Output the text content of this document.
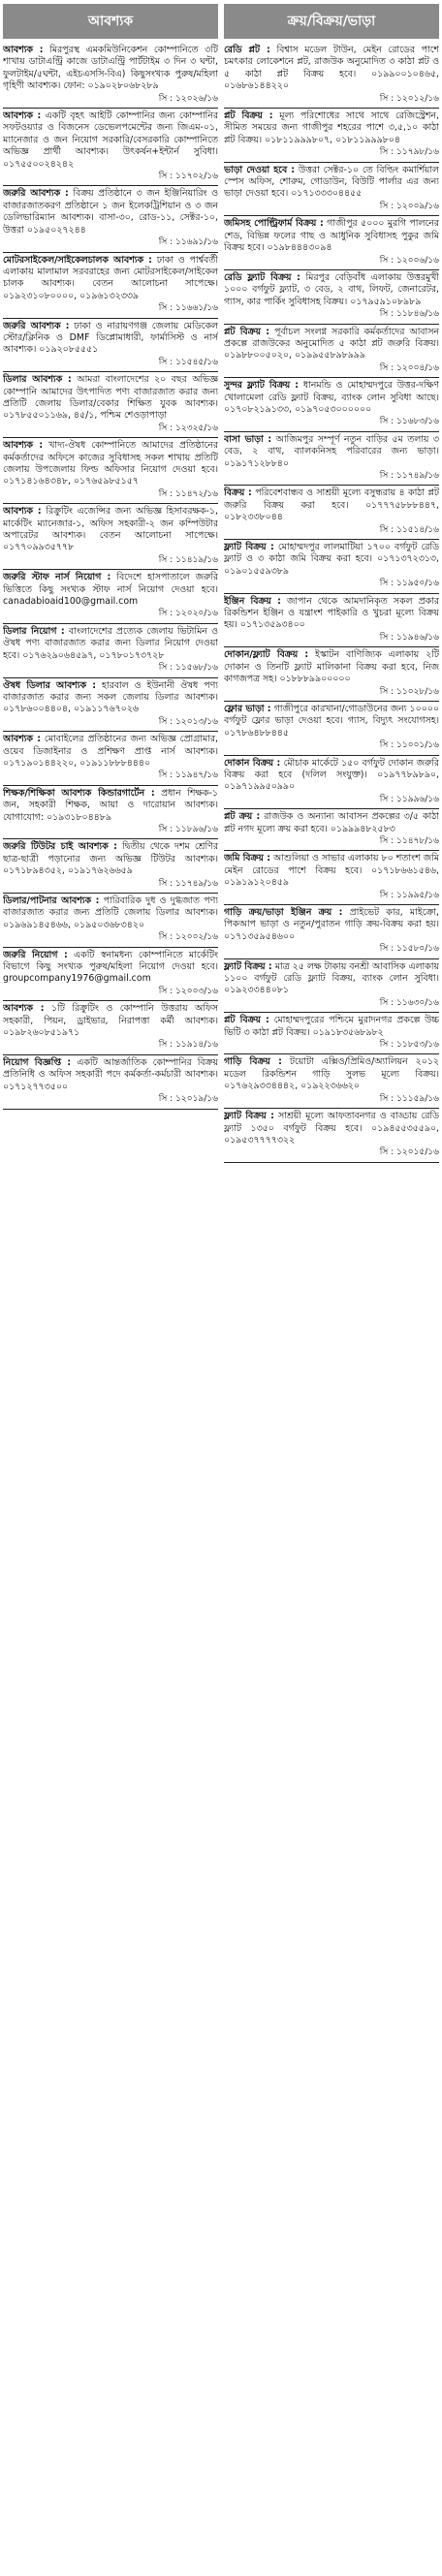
আবশ্যক
আবশ্যক : মিরপুরস্থ এমকমিউনিকেশন কোম্পানিতে ৩টি শাখায় ডাটাএন্ট্রি কাজে ডাটাএন্ট্রি পার্টটাইম ৩ দিন ৩ ঘন্টা, ফুলটাইম/৫ঘন্টা, এইচএসসি-বিএ) কিছুসংখ্যক পুরুষ/মহিলা গৃহিণী আবশ্যক। ফোন: ০১৯০২৮০৬৮২৮৯
সি : ১২০২৬/১৬
আবশ্যক : একটি বৃহৎ আইটি কোম্পানির জন্য কোম্পানির সফটওয়্যার ও বিজনেস ডেভেলপমেন্টের জন্য জিএম-০১, ম্যানেজার ও জন নিয়োগ সরকারি/বেসরকারি কোম্পানিতে অভিজ্ঞ প্রার্থী আবশ্যক। উৎকর্ষন+ইন্টার্ন সুবিধা। ০১৭৫৫০০২৪২৪২
সি : ১১৭০২/১৬
জরুরি আবশ্যক : বিক্রয় প্রতিষ্ঠানে ৩ জন ইঞ্জিনিয়ারিং ও বাজারজাতকরণ প্রতিষ্ঠানে ১ জন ইলেকট্রিশিয়ান ও ৩ জন ডেলিভারিম্যান আবশ্যক। বাসা-৩০, রোড-১১, সেক্টর-১০, উত্তরা ০১৯৫০২৭২৪৪
সি : ১১৬৯১/১৬
মোটরসাইকেল/সাইকেলচালক আবশ্যক : ঢাকা ও পার্শ্ববর্তী এলাকায় মালামাল সরবরাহের জন্য মোটরসাইকেল/সাইকেল চালক আবশ্যক। বেতন আলোচনা সাপেক্ষে। ০১৯২৩১০৮০০০০, ০১৯৬১৩২৩৩৯
সি : ১১৬৬১/১৬
জরুরি আবশ্যক : ঢাকা ও নারায়ণগঞ্জ জেলায় মেডিকেল স্টোর/ক্লিনিক ও DMF ডিপ্লোমাধারী, ফার্মাসিস্ট ও নার্স আবশ্যক। ০১৯২০৮৫৫৫১
সি : ১১৫৪৫/১৬
ডিলার আবশ্যক : আমরা বাংলাদেশের ২০ বছর অভিজ্ঞ কোম্পানি আমাদের উৎপাদিত পণ্য বাজারজাত করার জন্য প্রতিটি জেলায় ডিলার/বেকার শিক্ষিত যুবক আবশ্যক। ০১৭৮৫৫০১১৬৯, ৪৫/১, পশ্চিম শেওড়াপাড়া
সি : ১২৩২৫/১৬
আবশ্যক : খাদ্য-ঔষধ কোম্পানিতে আমাদের প্রতিষ্ঠানের কর্মকর্তাদের অফিসে কাজের সুবিধাসহ সকল শাখায় প্রতিটি জেলায় উপজেলায় ফিল্ড অফিসার নিয়োগ দেওয়া হবে। ০১৭১৪১৬৪৩৪৮, ০১৭৬৫৯৮৫১৫৭
সি : ১১৪৭২/১৬
আবশ্যক : রিক্রুটিং এজেন্সির জন্য অভিজ্ঞ হিসাবরক্ষক-১, মার্কেটিং ম্যানেজার-১, অফিস সহকারী-২ জন কম্পিউটার অপারেটর আবশ্যক। বেতন আলোচনা সাপেক্ষে। ০১৭৭০৯৯৩৫৭৭৮
সি : ১১৪১৯/১৬
জরুরি স্টাফ নার্স নিয়োগ : বিদেশে হাসপাতালে জরুরি ভিত্তিতে কিছু সংখ্যক স্টাফ নার্স নিয়োগ দেওয়া হবে। canadabioaid100@gmail.com
সি : ১২০২০/১৬
ডিলার নিয়োগ : বাংলাদেশের প্রত্যেক জেলায় ভিটামিন ও ঔষধ পণ্য বাজারজাত করার জন্য ডিলার নিয়োগ দেওয়া হবে। ০১৭৬২৯০৬৪৫৯৭, ০১৭৮০১৭৩৭২৮
সি : ১১৫৬৮/১৬
ঔষধ ডিলার আবশ্যক : হারবাল ও ইউনানী ঔষধ পণ্য বাজারজাত করার জন্য সকল জেলায় ডিলার আবশ্যক। ০১৭৮৬০০৪৪০৪, ০১৯১১৭৬৭০২৬
সি : ১২০১৩/১৬
আবশ্যক : মোবাইলের প্রতিষ্ঠানের জন্য অভিজ্ঞ প্রোগ্রামার, ওয়েব ডিজাইনার ও প্রশিক্ষণ প্রাপ্ত নার্স আবশ্যক। ০১৭১৯০১৪৪২২০, ০১৯১১৮৮৮৪৪৪০
সি : ১১৯৪৭/১৬
শিক্ষক/শিক্ষিকা আবশ্যক কিন্ডারগার্টেন : প্রধান শিক্ষক-১ জন, সহকারী শিক্ষক, আয়া ও দারোয়ান আবশ্যক। যোগাযোগ: ০১৯৩১৮০৪৪৮৯
সি : ১১৮৯৬/১৬
জরুরি টিউটর চাই আবশ্যক : দ্বিতীয় থেকে দশম শ্রেণির ছাত্র-ছাত্রী পড়ানোর জন্য অভিজ্ঞ টিউটর আবশ্যক। ০১৭১৮৯৪৩৫২, ০১৯১৭৬২৬৬৫৯
সি : ১১৭৪৯/১৬
ডিলার/পাটনার আবশ্যক : পারিবারিক দুধ ও দুগ্ধজাত পণ্য বাজারজাত করার জন্য প্রতিটি জেলায় ডিলার আবশ্যক। ০১৯৬৯১৪৫৪৬৬, ০১৯৫০৩৬৮৩৪২০
সি : ১২০০২/১৬
জরুরি নিয়োগ : একটি স্বনামধন্য কোম্পানিতে মার্কেটিং বিভাগে কিছু সংখ্যক পুরুষ/মহিলা নিয়োগ দেওয়া হবে। groupcompany1976@gmail.com
সি : ১২০০৩/১৬
আবশ্যক : ১টি রিক্রুটিং ও কোম্পানি উত্তরায় অফিস সহকারী, পিয়ন, ড্রাইভার, নিরাপত্তা কর্মী আবশ্যক। ০১৯৮২৬০৮৫১৯৭১
সি : ১১৯১৪/১৬
নিয়োগ বিজ্ঞপ্তি : একটি আন্তর্জাতিক কোম্পানির বিক্রয় প্রতিনিধি ও অফিস সহকারী পদে কর্মকর্তা-কর্মচারী আবশ্যক। ০১৭১২৭৭৩৫০০
সি : ১২০১৯/১৬
ক্রয়/বিক্রয়/ভাড়া
রেডি প্লট : বিশ্বাস মডেল টাউন, মেইন রোডের পাশে চমৎকার লোকেশনে প্লট, রাজউক অনুমোদিত ৩ কাঠা প্লট ও ৫ কাঠা প্লট বিক্রয় হবে। ০১৯৯০০১০৪৬৫, ০১৬৮৬১৪৪২২০
সি : ১২০১২/১৬
প্লট বিক্রয় : মূল্য পরিশোধের সাথে সাথে রেজিস্ট্রেশন, সীমিত সময়ের জন্য গাজীপুর শহরের পাশে ৩,৫,১০ কাঠা প্লট বিক্রয়। ০১৮১১৯৯৯৮০৭, ০১৮১১৯৯৯৮০৪
সি : ১১৭৯৮/১৬
ভাড়া দেওয়া হবে : উত্তরা সেক্টর-১০ তে বিল্ডিং কমার্শিয়াল স্পেস অফিস, শোরুম, গোডাউন, বিউটি পার্লার এর জন্য ভাড়া দেওয়া হবে। ০১৭১৩৩৩০৪৪৫৫
সি : ১২০০৯/১৬
জমিসহ পোল্ট্রিফার্ম বিক্রয় : গাজীপুর ৫০০০ মুরগি পালনের শেড, বিভিন্ন ফলের গাছ ও আধুনিক সুবিধাসহ পুকুর জমি বিক্রয় হবে। ০১৯৮৪৪৪৩০৯৪
সি : ১২০০৬/১৬
রেডি ফ্ল্যাট বিক্রয় : মিরপুর বেড়িবাঁধ এলাকায় উত্তরমুখী ১০০০ বর্গফুট ফ্ল্যাট, ৩ বেড, ২ বাথ, লিফট, জেনারেটর, গ্যাস, কার পার্কিং সুবিধাসহ বিক্রয়। ০১৭৯৫৯১০৮৯৮৯
সি : ১১৮৪৬/১৬
প্লট বিক্রয় : পূর্বাচল সংলগ্ন সরকারি কর্মকর্তাদের আবাসন প্রকল্পে রাজউকের অনুমোদিত ৫ কাঠা প্লট জরুরি বিক্রয়। ০১৯৮৮০০৫০২০, ০১৯৯৫৫৮৯৮৯৯৯
সি : ১২০০৪/১৬
সুন্দর ফ্ল্যাট বিক্রয় : ধানমন্ডি ও মোহাম্মদপুরে উত্তর-দক্ষিণ খোলামেলা রেডি ফ্ল্যাট বিক্রয়, ব্যাংক লোন সুবিধা আছে। ০১৭০৮২১৯১৩৩, ০১৯৭০৫৩০০০০০০
সি : ১১৬৮৩/১৬
বাসা ভাড়া : আজিমপুর সম্পূর্ণ নতুন বাড়ির ৫ম তলায় ৩ বেড, ২ বাথ, ব্যালকনিসহ পরিবারের জন্য ভাড়া। ০১৯১৭১২৮৮৪০
সি : ১১৭৪৯/১৬
বিক্রয় : পরিবেশবান্ধব ও সাশ্রয়ী মূল্যে বসুন্ধরায় ৪ কাঠা প্লট জরুরি বিক্রয় করা হবে। ০১৭৭৭৫৮৮৮৪৪৭, ০১৮২৩৩৮০৪৪
সি : ১১৫১৪/১৬
ফ্ল্যাট বিক্রয় : মোহাম্মদপুর লালমাটিয়া ১৭০০ বর্গফুট রেডি ফ্ল্যাট ও ৩ কাঠা জমি বিক্রয় করা হবে। ০১৭১৩৭২৩১৩, ০১৯০১৫৫৯৩৮৯
সি : ১১৯৫০/১৬
ইঞ্জিন বিক্রয় : জাপান থেকে আমদানিকৃত সকল প্রকার রিকন্ডিশন ইঞ্জিন ও যন্ত্রাংশ পাইকারি ও খুচরা মূল্যে বিক্রয় হয়। ০১৭১৩৫৯৩৪০০
সি : ১১৯৪৬/১৬
দোকান/ফ্ল্যাট বিক্রয় : ইস্কাটন বাণিজ্যিক এলাকায় ২টি দোকান ও তিনটি ফ্ল্যাট মালিকানা বিক্রয় করা হবে, নিজ কাগজপত্র সহ। ০১৮৮৮৯৯০০০০০
সি : ১১০২৮/১৬
ফ্লোর ভাড়া : গাজীপুরে কারখানা/গোডাউনের জন্য ১০০০০ বর্গফুট ফ্লোর ভাড়া দেওয়া হবে। গ্যাস, বিদ্যুৎ সংযোগসহ। ০১৭৮৬৪৮৮৪৪৫
সি : ১১০০১/১৬
দোকান বিক্রয় : মৌচাক মার্কেটে ১৫০ বর্গফুট দোকান জরুরি বিক্রয় করা হবে (দলিল সংযুক্ত)। ০১৯৭৭৮৯৮৯০, ০১৯৭১৯৯৫০৯৯০
সি : ১১৯৯৬/১৬
প্লট ক্রয় : রাজউক ও অন্যান্য আবাসন প্রকল্পের ৩/৫ কাঠা প্লট নগদ মূল্যে ক্রয় করা হবে। ০১৯৯৯৪৮২৫৮৩
সি : ১১৪৭৮/১৬
জমি বিক্রয় : আশুলিয়া ও সাভার এলাকায় ৮০ শতাংশ জমি মেইন রোডের পাশে বিক্রয় হবে। ০১৭১৮৬৬১৫৪৬, ০১৯১৯১২০৪৫৯
সি : ১১৯৯৫/১৬
গাড়ি ক্রয়/ভাড়া ইঞ্জিন ক্রয় : প্রাইভেট কার, মাইক্রো, পিকআপ ভাড়া ও নতুন/পুরাতন গাড়ি ক্রয়-বিক্রয় করা হয়। ০১৭১৩৫৯৫৪৬০০
সি : ১১৫৮০/১৬
ফ্ল্যাট বিক্রয় : মাত্র ২৫ লক্ষ টাকায় বনশ্রী আবাসিক এলাকায় ১১০০ বর্গফুট রেডি ফ্ল্যাট বিক্রয়, ব্যাংক লোন সুবিধা। ০১৯২৩৩৪৪০৮১
সি : ১১৬৩০/১৬
প্লট বিক্রয় : মোহাম্মদপুরের পশ্চিমে মুরাদনগর প্রকল্পে উচ্চ ভিটি ৩ কাঠা প্লট বিক্রয়। ০১৯১৮৩৫৬৮৯৮২
সি : ১১৮৫৩/১৬
গাড়ি বিক্রয় : টয়োটা এক্সিও/প্রিমিও/অ্যালিয়ন ২০১২ মডেল রিকন্ডিশন গাড়ি সুলভ মূল্যে বিক্রয়। ০১৭৬২৯৩৩৪৪৪২, ০১৯২২৩৬৬২০
সি : ১১১৫৯/১৬
ফ্ল্যাট বিক্রয় : সাশ্রয়ী মূল্যে আফতাবনগর ও বাড্ডায় রেডি ফ্ল্যাট ১৩৫০ বর্গফুট বিক্রয় হবে। ০১৯৪৫৫৩৫৫৯০, ০১৯৫৩৭৭৭৭৩২২
সি : ১২০১৫/১৬
